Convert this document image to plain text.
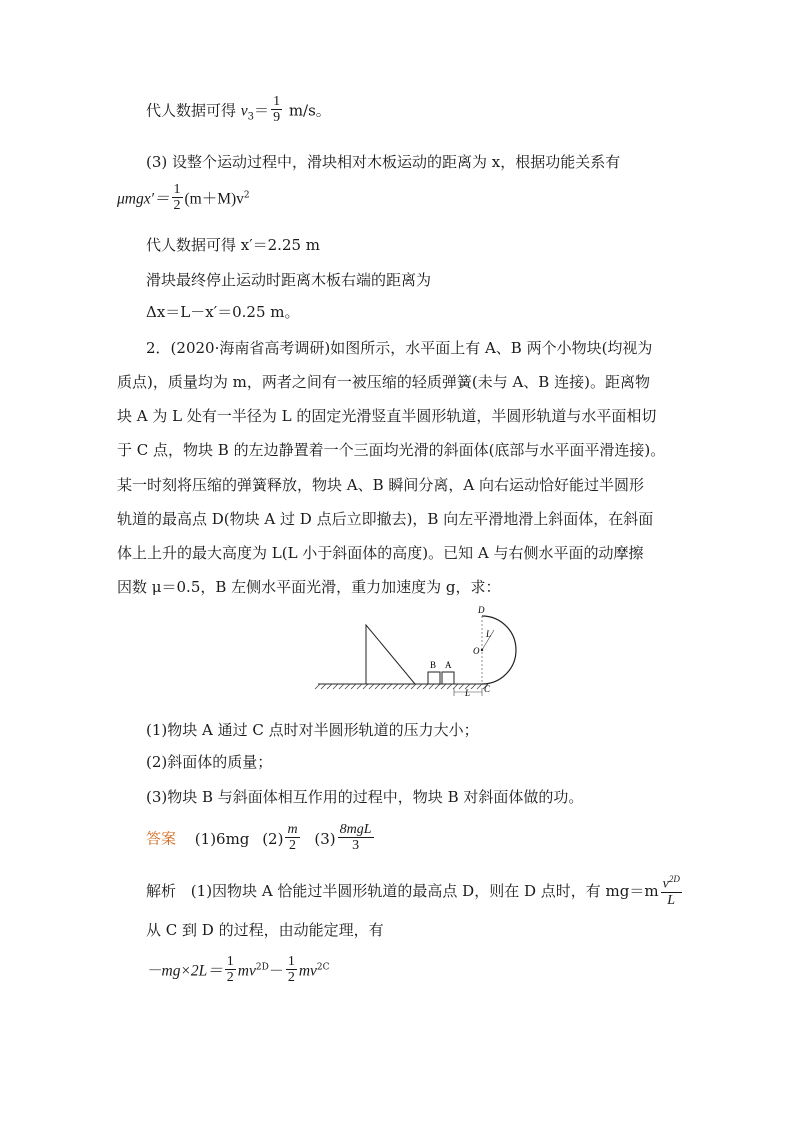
代人数据可得 $v_3= \frac{1}{9} m/s$。
(3) 设整个运动过程中，滑块相对木板运动的距离为 x，根据功能关系有
$\mu mgx'= \frac{1}{2} (m+M)v^2$
代人数据可得 x′＝2.25 m
滑块最终停止运动时距离木板右端的距离为
Δx＝L－x′＝0.25 m。
2．(2020·海南省高考调研)如图所示，水平面上有 A、B 两个小物块(均视为
质点)，质量均为 m，两者之间有一被压缩的轻质弹簧(未与 A、B 连接)。距离物
块 A 为 L 处有一半径为 L 的固定光滑竖直半圆形轨道，半圆形轨道与水平面相切
于 C 点，物块 B 的左边静置着一个三面均光滑的斜面体(底部与水平面平滑连接)。
某一时刻将压缩的弹簧释放，物块 A、B 瞬间分离，A 向右运动恰好能过半圆形
轨道的最高点 D(物块 A 过 D 点后立即撤去)，B 向左平滑地滑上斜面体，在斜面
体上上升的最大高度为 L(L 小于斜面体的高度)。已知 A 与右侧水平面的动摩擦
因数 μ＝0.5，B 左侧水平面光滑，重力加速度为 g，求：
B A
D
L
O
C
L
(1)物块 A 通过 C 点时对半圆形轨道的压力大小；
(2)斜面体的质量；
(3)物块 B 与斜面体相互作用的过程中，物块 B 对斜面体做的功。
答案 (1)6mg $(2) \frac{m}{2} (3) \frac{\text{8mgL}}{3}$
解析 (1)因物块 A 恰能过半圆形轨道的最高点 D，则在 D 点时，有 $mg=m \frac{v^{2D}}{L}$
从 C 到 D 的过程，由动能定理，有
$-mg\times 2L= \frac{1}{2} mv^{2D}- \frac{1}{2} mv^{2C}$
